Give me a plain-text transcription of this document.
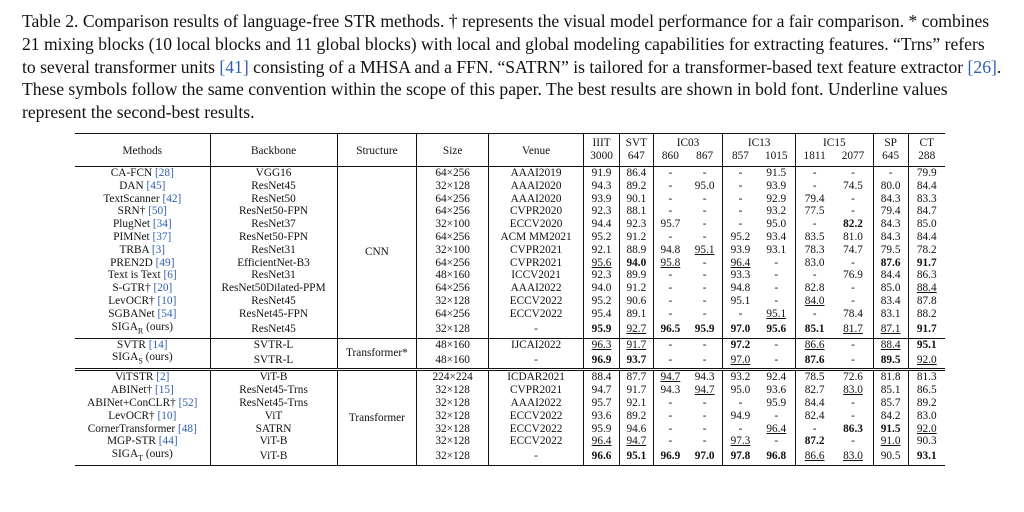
Table 2. Comparison results of language-free STR methods. † represents the visual model performance for a fair comparison. * combines
21 mixing blocks (10 local blocks and 11 global blocks) with local and global modeling capabilities for extracting features. “Trns” refers
to several transformer units [41] consisting of a MHSA and a FFN. “SATRN” is tailored for a transformer-based text feature extractor [26].
These symbols follow the same convention within the scope of this paper. The best results are shown in bold font. Underline values
represent the second-best results.
Methods	Backbone	Structure	Size	Venue	IIIT	SVT	IC03		IC13		IC15		SP	CT
					3000	647	860	867	857	1015	1811	2077	645	288
CA-FCN [28]	VGG16	CNN	64×256	AAAI2019	91.9	86.4	-	-	-	91.5	-	-	-	79.9
DAN [45]	ResNet45		32×128	AAAI2020	94.3	89.2	-	95.0	-	93.9	-	74.5	80.0	84.4
TextScanner [42]	ResNet50		64×256	AAAI2020	93.9	90.1	-	-	-	92.9	79.4	-	84.3	83.3
SRN† [50]	ResNet50-FPN		64×256	CVPR2020	92.3	88.1	-	-	-	93.2	77.5	-	79.4	84.7
PlugNet [34]	ResNet37		32×100	ECCV2020	94.4	92.3	95.7	-	-	95.0	-	82.2	84.3	85.0
PIMNet [37]	ResNet50-FPN		64×256	ACM MM2021	95.2	91.2	-	-	95.2	93.4	83.5	81.0	84.3	84.4
TRBA [3]	ResNet31		32×100	CVPR2021	92.1	88.9	94.8	95.1	93.9	93.1	78.3	74.7	79.5	78.2
PREN2D [49]	EfficientNet-B3		64×256	CVPR2021	95.6	94.0	95.8	-	96.4	-	83.0	-	87.6	91.7
Text is Text [6]	ResNet31		48×160	ICCV2021	92.3	89.9	-	-	93.3	-	-	76.9	84.4	86.3
S-GTR† [20]	ResNet50Dilated-PPM		64×256	AAAI2022	94.0	91.2	-	-	94.8	-	82.8	-	85.0	88.4
LevOCR† [10]	ResNet45		32×128	ECCV2022	95.2	90.6	-	-	95.1	-	84.0	-	83.4	87.8
SGBANet [54]	ResNet45-FPN		64×256	ECCV2022	95.4	89.1	-	-	-	95.1	-	78.4	83.1	88.2
$SIGA_R$ (ours)	ResNet45		32×128	-	95.9	92.7	96.5	95.9	97.0	95.6	85.1	81.7	87.1	91.7
SVTR [14]	SVTR-L	Transformer*	48×160	IJCAI2022	96.3	91.7	-	-	97.2	-	86.6	-	88.4	95.1
$SIGA_S$ (ours)	SVTR-L		48×160	-	96.9	93.7	-	-	97.0	-	87.6	-	89.5	92.0
ViTSTR [2]	ViT-B	Transformer	224×224	ICDAR2021	88.4	87.7	94.7	94.3	93.2	92.4	78.5	72.6	81.8	81.3
ABINet† [15]	ResNet45-Trns		32×128	CVPR2021	94.7	91.7	94.3	94.7	95.0	93.6	82.7	83.0	85.1	86.5
ABINet+ConCLR† [52]	ResNet45-Trns		32×128	AAAI2022	95.7	92.1	-	-	-	95.9	84.4	-	85.7	89.2
LevOCR† [10]	ViT		32×128	ECCV2022	93.6	89.2	-	-	94.9	-	82.4	-	84.2	83.0
CornerTransformer [48]	SATRN		32×128	ECCV2022	95.9	94.6	-	-	-	96.4	-	86.3	91.5	92.0
MGP-STR [44]	ViT-B		32×128	ECCV2022	96.4	94.7	-	-	97.3	-	87.2	-	91.0	90.3
$SIGA_T$ (ours)	ViT-B		32×128	-	96.6	95.1	96.9	97.0	97.8	96.8	86.6	83.0	90.5	93.1
